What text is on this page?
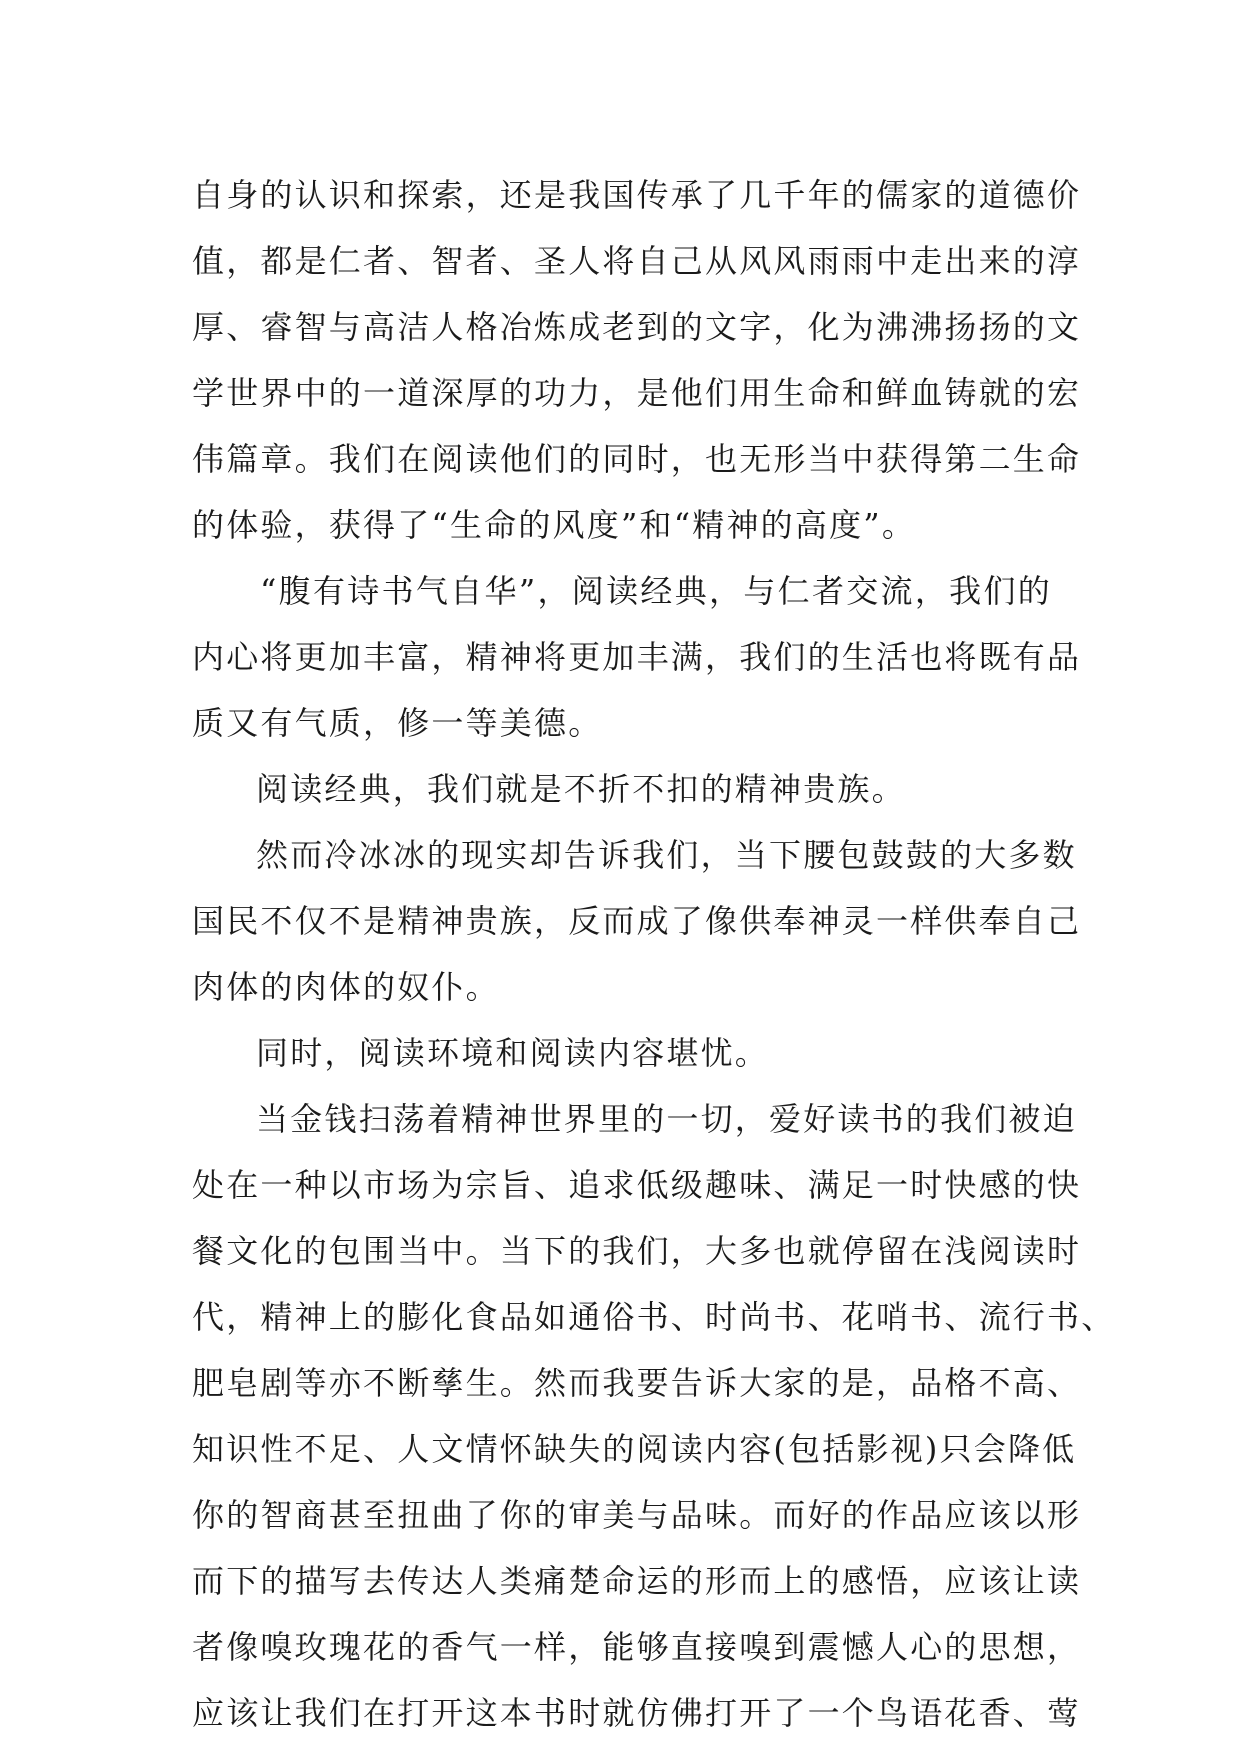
自身的认识和探索，还是我国传承了几千年的儒家的道德价
值，都是仁者、智者、圣人将自己从风风雨雨中走出来的淳
厚、睿智与高洁人格冶炼成老到的文字，化为沸沸扬扬的文
学世界中的一道深厚的功力，是他们用生命和鲜血铸就的宏
伟篇章。我们在阅读他们的同时，也无形当中获得第二生命
的体验，获得了“生命的风度”和“精神的高度”。
“腹有诗书气自华”，阅读经典，与仁者交流，我们的
内心将更加丰富，精神将更加丰满，我们的生活也将既有品
质又有气质，修一等美德。
阅读经典，我们就是不折不扣的精神贵族。
然而冷冰冰的现实却告诉我们，当下腰包鼓鼓的大多数
国民不仅不是精神贵族，反而成了像供奉神灵一样供奉自己
肉体的肉体的奴仆。
同时，阅读环境和阅读内容堪忧。
当金钱扫荡着精神世界里的一切，爱好读书的我们被迫
处在一种以市场为宗旨、追求低级趣味、满足一时快感的快
餐文化的包围当中。当下的我们，大多也就停留在浅阅读时
代，精神上的膨化食品如通俗书、时尚书、花哨书、流行书、
肥皂剧等亦不断孳生。然而我要告诉大家的是，品格不高、
知识性不足、人文情怀缺失的阅读内容(包括影视)只会降低
你的智商甚至扭曲了你的审美与品味。而好的作品应该以形
而下的描写去传达人类痛楚命运的形而上的感悟，应该让读
者像嗅玫瑰花的香气一样，能够直接嗅到震憾人心的思想，
应该让我们在打开这本书时就仿佛打开了一个鸟语花香、莺
